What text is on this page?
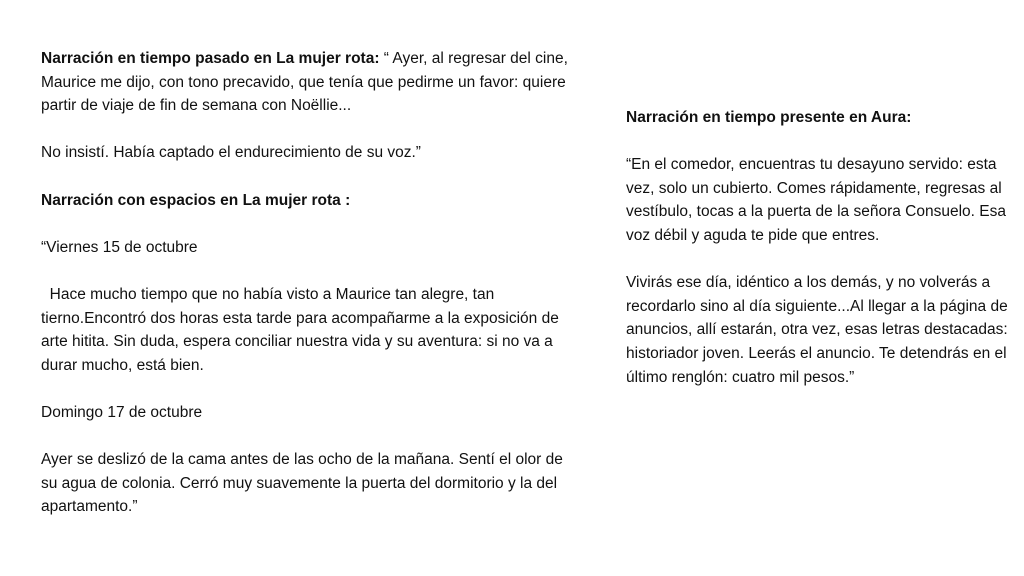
Narración en tiempo pasado en La mujer rota: “ Ayer, al regresar del cine, Maurice me dijo, con tono precavido, que tenía que pedirme un favor: quiere partir de viaje de fin de semana con Noëllie...

No insistí. Había captado el endurecimiento de su voz.”

Narración con espacios en La mujer rota :

“Viernes 15 de octubre

Hace mucho tiempo que no había visto a Maurice tan alegre, tan tierno.Encontró dos horas esta tarde para acompañarme a la exposición de arte hitita. Sin duda, espera conciliar nuestra vida y su aventura: si no va a durar mucho, está bien.

Domingo 17 de octubre

Ayer se deslizó de la cama antes de las ocho de la mañana. Sentí el olor de su agua de colonia. Cerró muy suavemente la puerta del dormitorio y la del apartamento.”

Narración en tiempo presente en Aura:

“En el comedor, encuentras tu desayuno servido: esta vez, solo un cubierto. Comes rápidamente, regresas al vestíbulo, tocas a la puerta de la señora Consuelo. Esa voz débil y aguda te pide que entres.

Vivirás ese día, idéntico a los demás, y no volverás a recordarlo sino al día siguiente...Al llegar a la página de anuncios, allí estarán, otra vez, esas letras destacadas: historiador joven. Leerás el anuncio. Te detendrás en el último renglón: cuatro mil pesos.”
